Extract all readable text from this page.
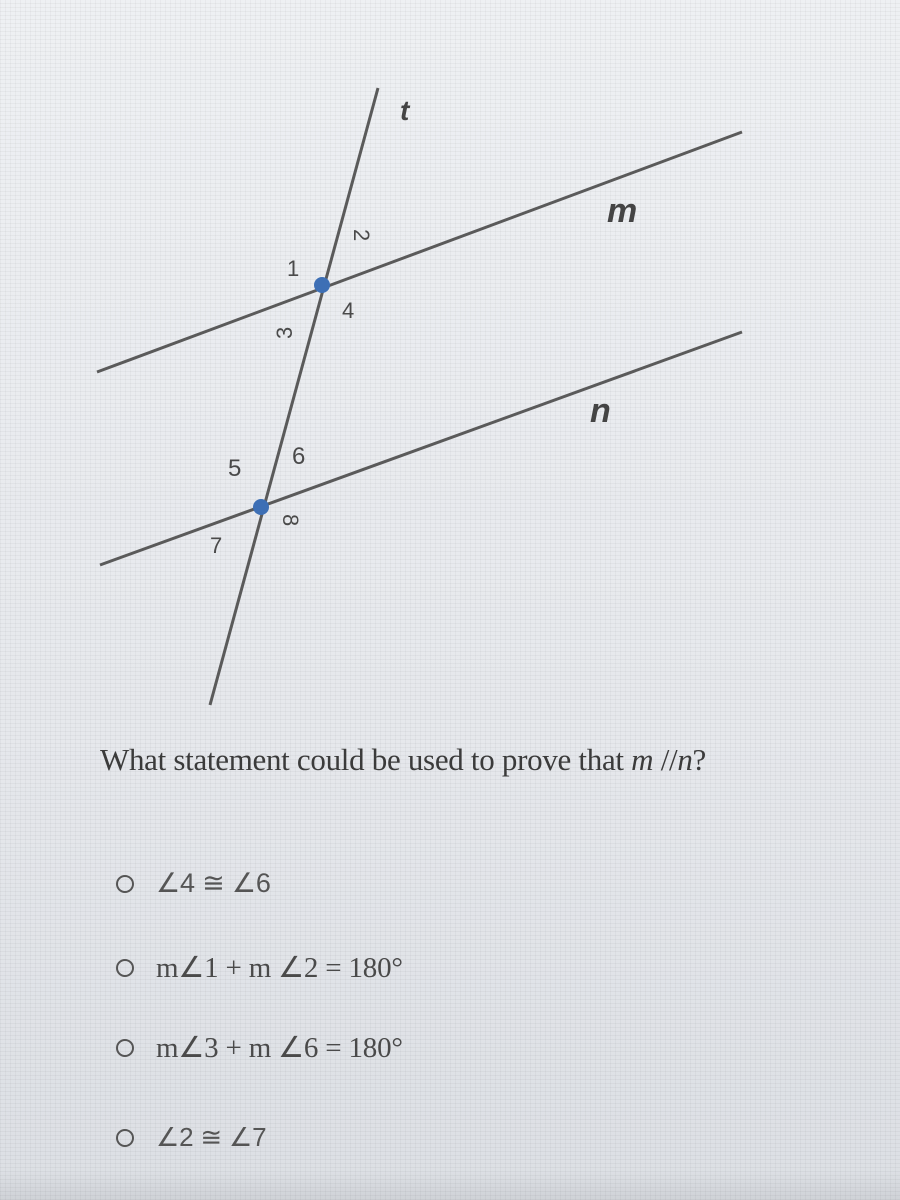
t
m
n
1
2
3
4
5 6
7
8
What statement could be used to prove that m //n?
∠4 ≅ ∠6
m∠1 + m ∠2 = 180°
m∠3 + m ∠6 = 180°
∠2 ≅ ∠7
